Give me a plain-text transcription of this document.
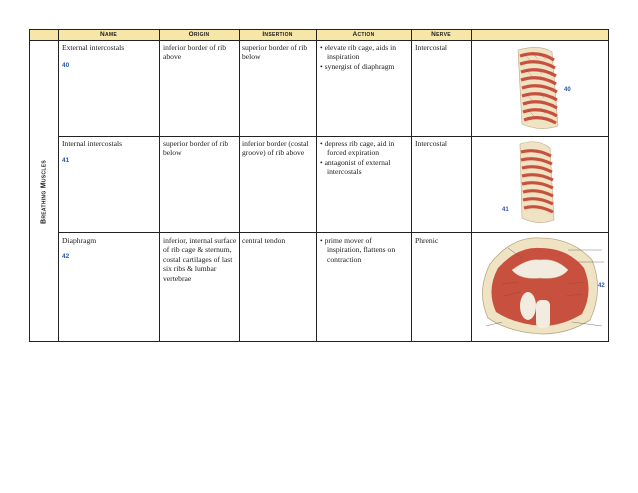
Name	Origin	Insertion	Action	Nerve
Breathing Muscles
External intercostals
40
inferior border of rib above
superior border of rib below
• elevate rib cage, aids in inspiration
• synergist of diaphragm
Intercostal
Internal intercostals
41
superior border of rib below
inferior border (costal groove) of rib above
• depress rib cage, aid in forced expiration
• antagonist of external intercostals
Intercostal
Diaphragm
42
inferior, internal surface of rib cage & sternum, costal cartilages of last six ribs & lumbar vertebrae
central tendon
•	prime mover of inspiration, flattens on contraction
Phrenic
40
41
42
